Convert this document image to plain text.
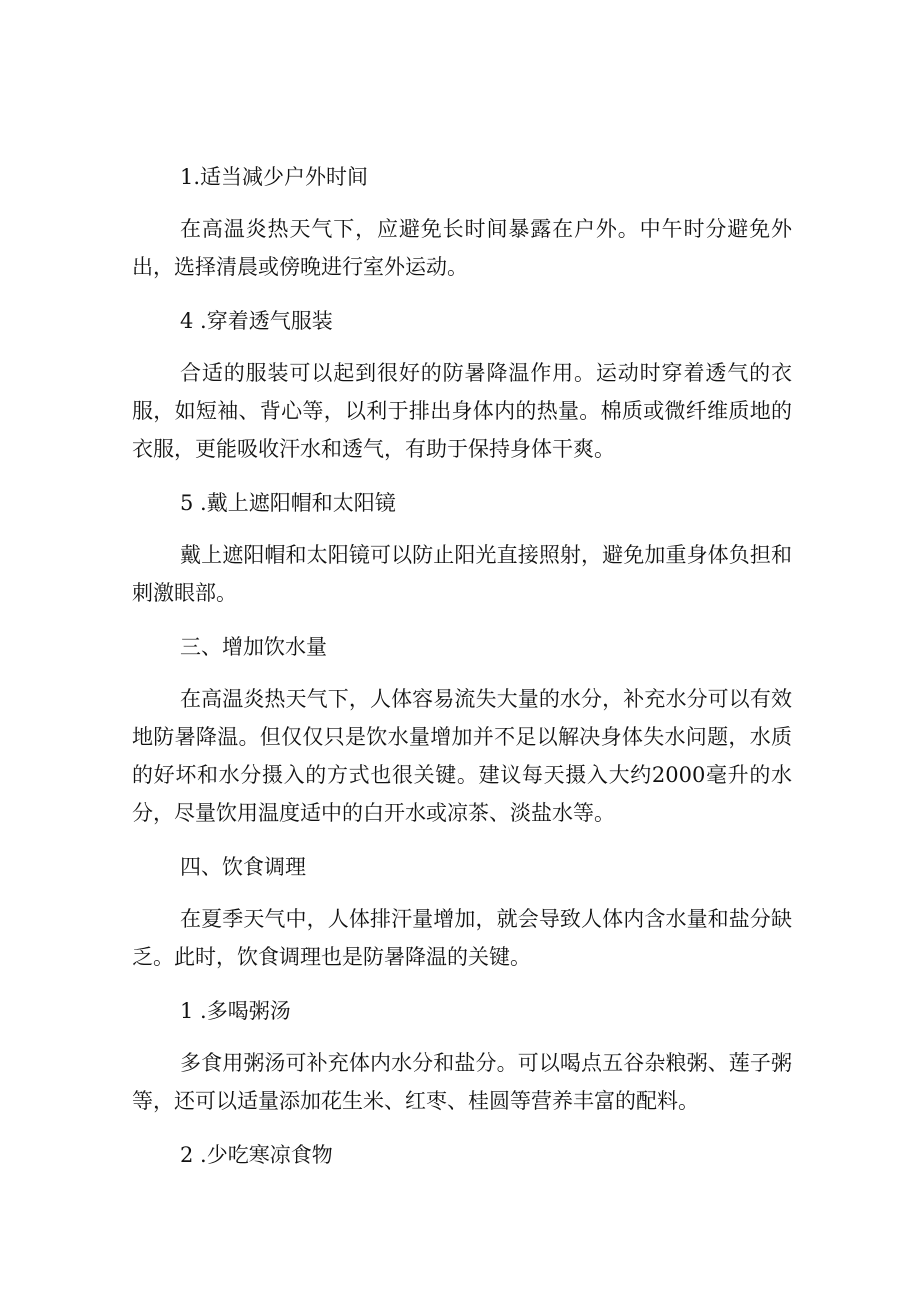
1.适当减少户外时间

在高温炎热天气下，应避免长时间暴露在户外。中午时分避免外出，选择清晨或傍晚进行室外运动。

4 .穿着透气服装

合适的服装可以起到很好的防暑降温作用。运动时穿着透气的衣服，如短袖、背心等，以利于排出身体内的热量。棉质或微纤维质地的衣服，更能吸收汗水和透气，有助于保持身体干爽。

5 .戴上遮阳帽和太阳镜

戴上遮阳帽和太阳镜可以防止阳光直接照射，避免加重身体负担和刺激眼部。

三、增加饮水量

在高温炎热天气下，人体容易流失大量的水分，补充水分可以有效地防暑降温。但仅仅只是饮水量增加并不足以解决身体失水问题，水质的好坏和水分摄入的方式也很关键。建议每天摄入大约2000毫升的水分，尽量饮用温度适中的白开水或凉茶、淡盐水等。

四、饮食调理

在夏季天气中，人体排汗量增加，就会导致人体内含水量和盐分缺乏。此时，饮食调理也是防暑降温的关键。

1 .多喝粥汤

多食用粥汤可补充体内水分和盐分。可以喝点五谷杂粮粥、莲子粥等，还可以适量添加花生米、红枣、桂圆等营养丰富的配料。

2 .少吃寒凉食物
